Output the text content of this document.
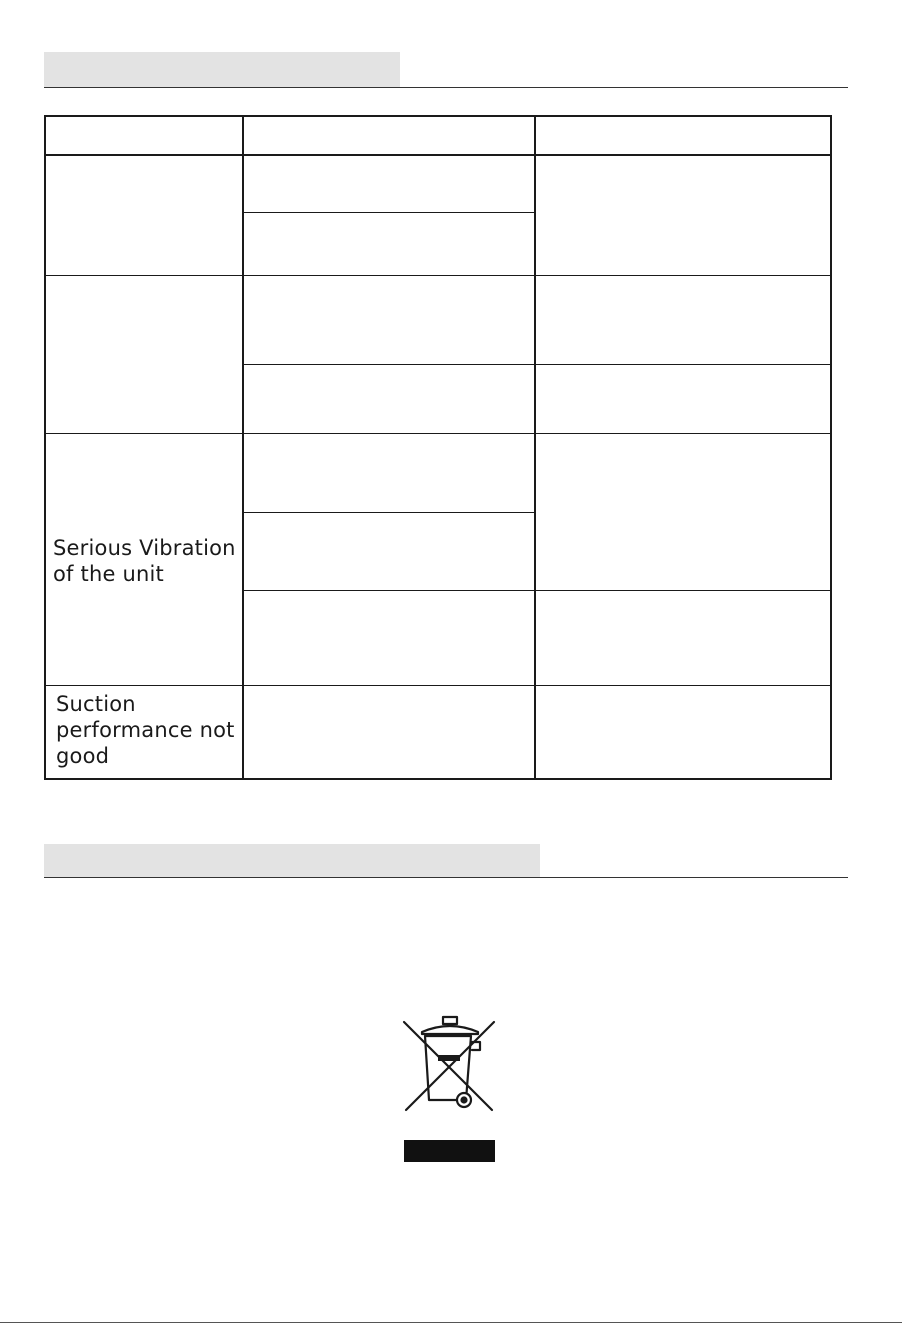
Serious Vibration
of the unit
Suction
performance not
good
